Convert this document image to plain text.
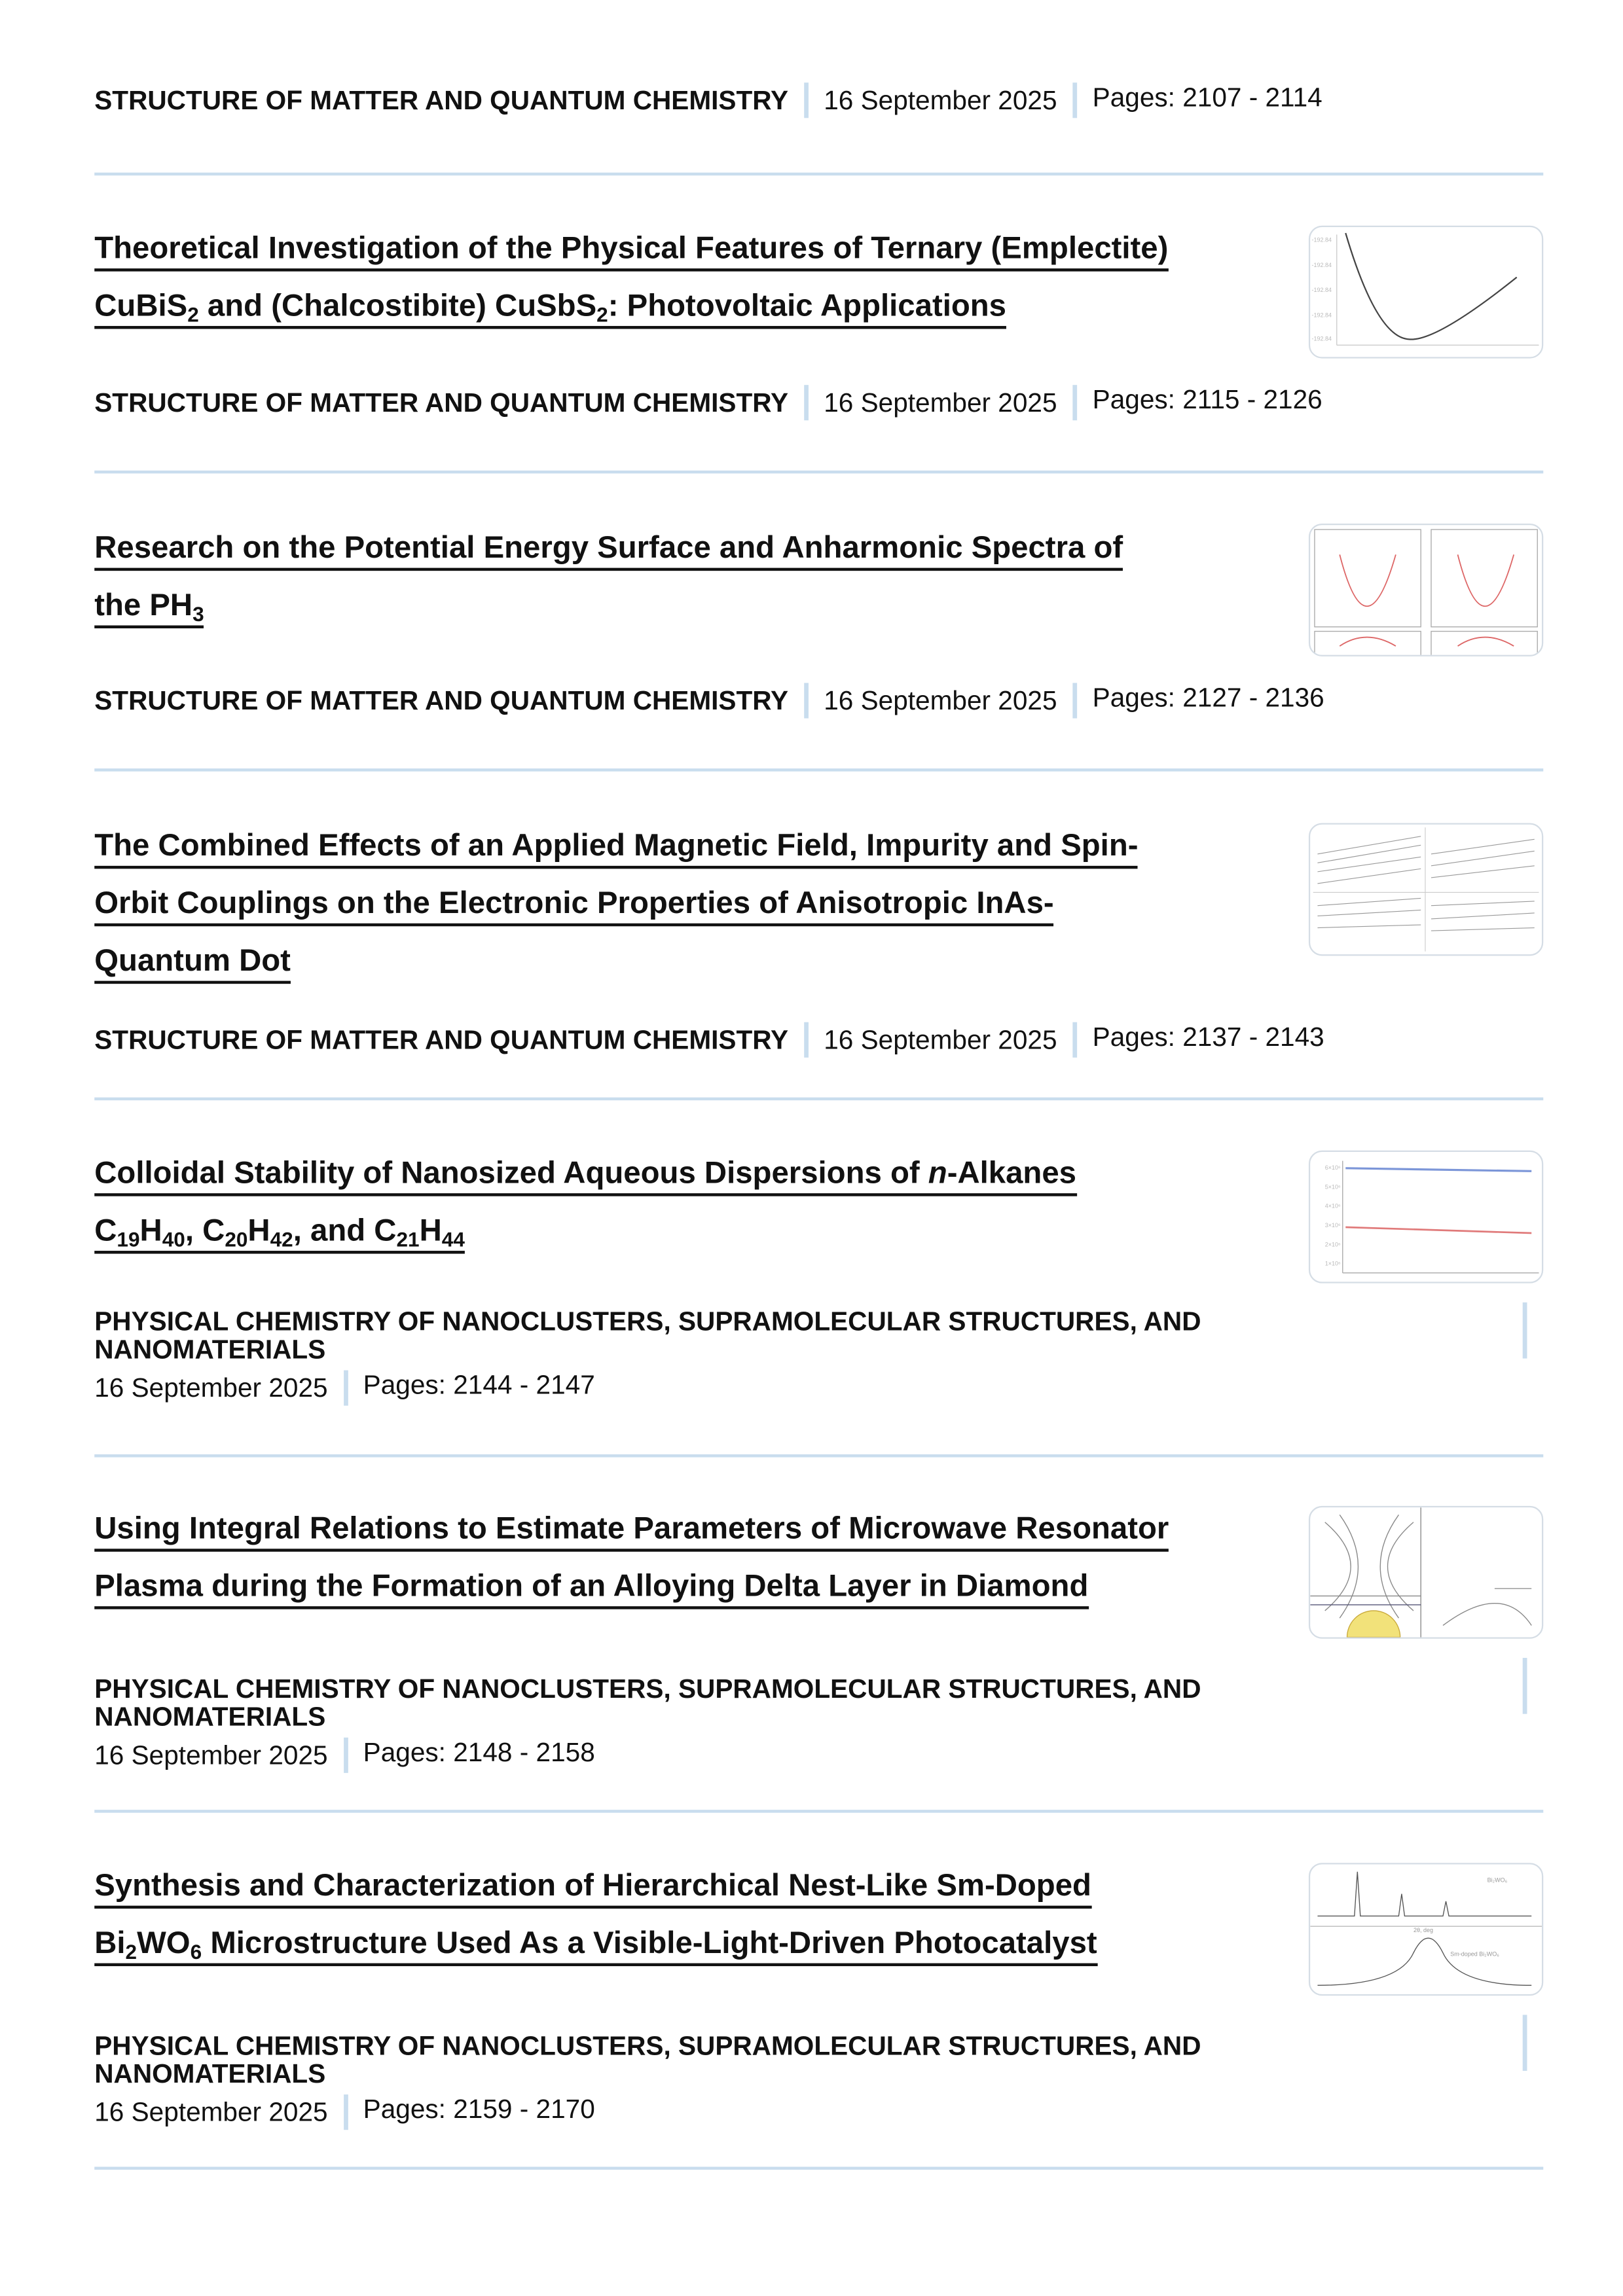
STRUCTURE OF MATTER AND QUANTUM CHEMISTRY	16 September 2025	Pages: 2107 - 2114
Theoretical Investigation of the Physical Features of Ternary (Emplectite)
CuBiS$_2$ and (Chalcostibite) CuSbS$_2$: Photovoltaic Applications

STRUCTURE OF MATTER AND QUANTUM CHEMISTRY	16 September 2025	Pages: 2115 - 2126
-192.84
-192.84
-192.84
-192.84
-192.84
Research on the Potential Energy Surface and Anharmonic Spectra of
the $PH_3$

STRUCTURE OF MATTER AND QUANTUM CHEMISTRY	16 September 2025	Pages: 2127 - 2136
The Combined Effects of an Applied Magnetic Field, Impurity and Spin-
Orbit Couplings on the Electronic Properties of Anisotropic InAs-
Quantum Dot

STRUCTURE OF MATTER AND QUANTUM CHEMISTRY	16 September 2025	Pages: 2137 - 2143
Colloidal Stability of Nanosized Aqueous Dispersions of n-Alkanes
$C_{19}H_{40}$, $C_{20}H_{42}$, and $C_{21}H_{44}$

PHYSICAL CHEMISTRY OF NANOCLUSTERS, SUPRAMOLECULAR STRUCTURES, AND NANOMATERIALS
16 September 2025	Pages: 2144 - 2147
6×10⁶
5×10⁶
4×10⁶
3×10⁶
2×10⁶
1×10⁶
Using Integral Relations to Estimate Parameters of Microwave Resonator
Plasma during the Formation of an Alloying Delta Layer in Diamond

PHYSICAL CHEMISTRY OF NANOCLUSTERS, SUPRAMOLECULAR STRUCTURES, AND NANOMATERIALS
16 September 2025	Pages: 2148 - 2158
Synthesis and Characterization of Hierarchical Nest-Like Sm-Doped
$Bi_2WO_6$ Microstructure Used As a Visible-Light-Driven Photocatalyst

PHYSICAL CHEMISTRY OF NANOCLUSTERS, SUPRAMOLECULAR STRUCTURES, AND NANOMATERIALS
16 September 2025	Pages: 2159 - 2170
Bi₂WO₆
Sm-doped Bi₂WO₆
2θ, deg
